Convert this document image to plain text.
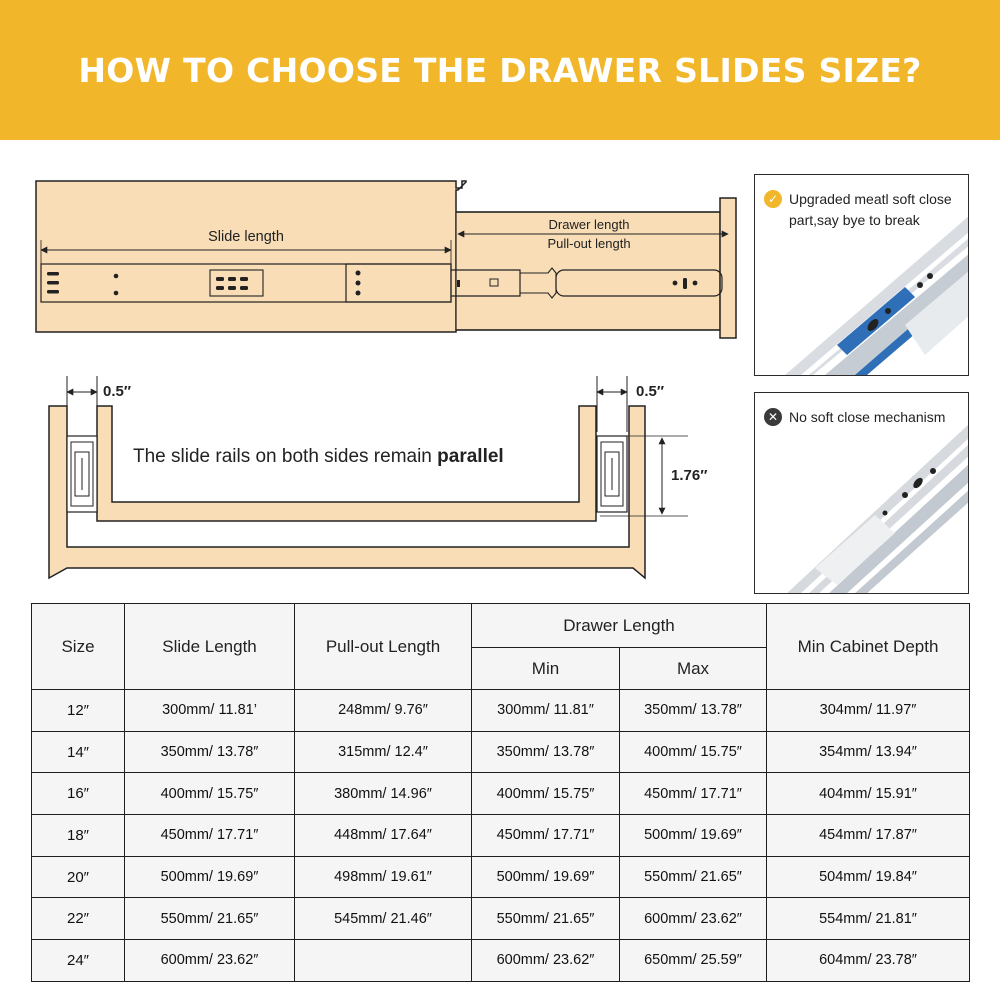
HOW TO CHOOSE THE DRAWER SLIDES SIZE?
Slide length
Drawer length
Pull-out length
0.5″	0.5″
1.76″
The slide rails on both sides remain parallel
✓ Upgraded meatl soft close part,say bye to break
✕ No soft close mechanism
Size	Slide Length	Pull-out Length	Drawer Length		Min Cabinet Depth
			Min	Max	
12″	300mm/ 11.81’	248mm/ 9.76″	300mm/ 11.81″	350mm/ 13.78″	304mm/ 11.97″
14″	350mm/ 13.78″	315mm/ 12.4″	350mm/ 13.78″	400mm/ 15.75″	354mm/ 13.94″
16″	400mm/ 15.75″	380mm/ 14.96″	400mm/ 15.75″	450mm/ 17.71″	404mm/ 15.91″
18″	450mm/ 17.71″	448mm/ 17.64″	450mm/ 17.71″	500mm/ 19.69″	454mm/ 17.87″
20″	500mm/ 19.69″	498mm/ 19.61″	500mm/ 19.69″	550mm/ 21.65″	504mm/ 19.84″
22″	550mm/ 21.65″	545mm/ 21.46″	550mm/ 21.65″	600mm/ 23.62″	554mm/ 21.81″
24″	600mm/ 23.62″		600mm/ 23.62″	650mm/ 25.59″	604mm/ 23.78″
